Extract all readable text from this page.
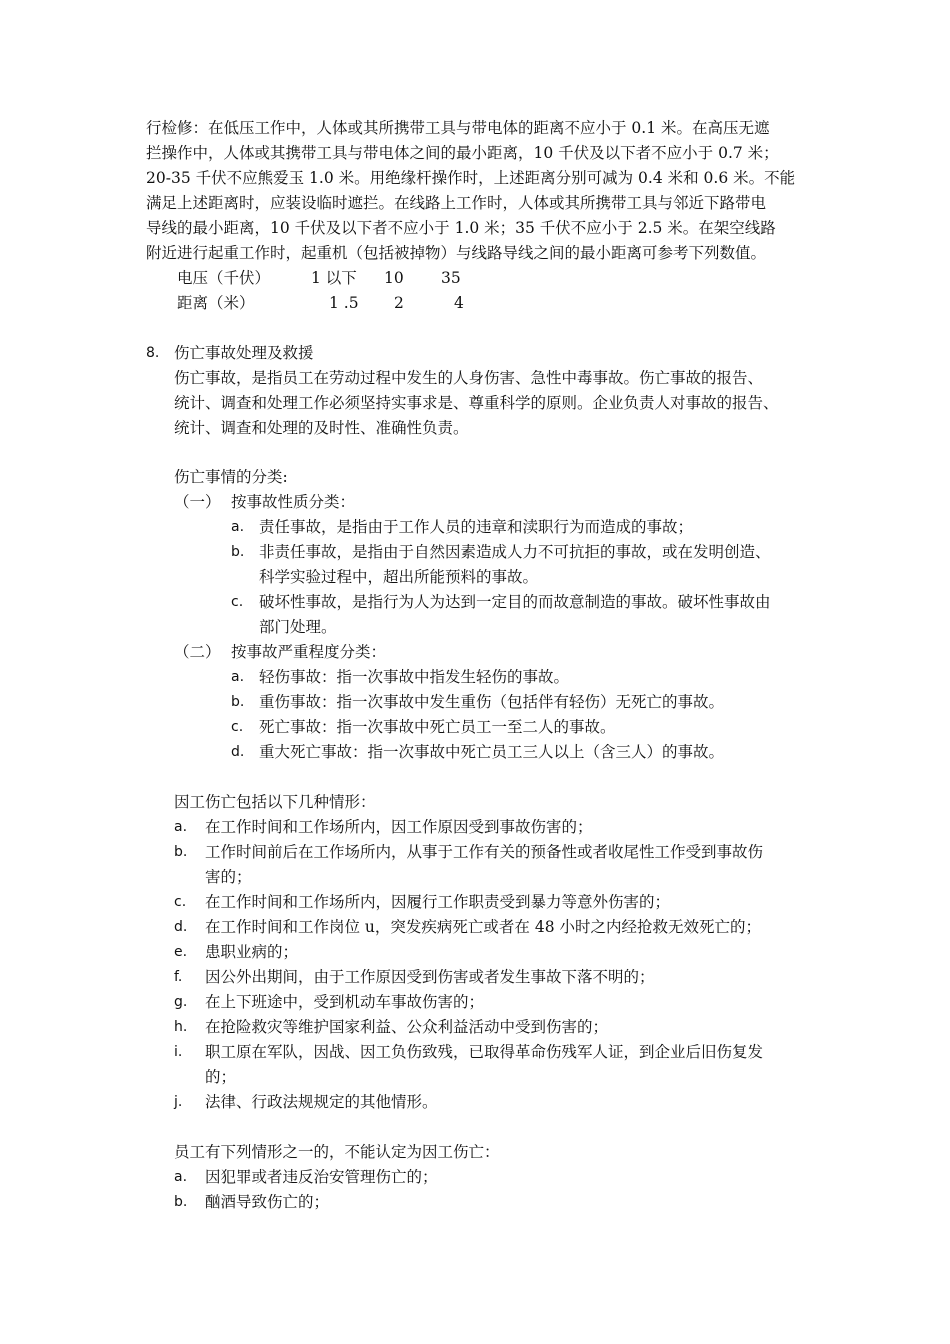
行检修：在低压工作中，人体或其所携带工具与带电体的距离不应小于 0.1 米。在高压无遮
拦操作中，人体或其携带工具与带电体之间的最小距离，10 千伏及以下者不应小于 0.7 米；
20-35 千伏不应熊爱玉 1.0 米。用绝缘杆操作时，上述距离分别可减为 0.4 米和 0.6 米。不能
满足上述距离时，应装设临时遮拦。在线路上工作时，人体或其所携带工具与邻近下路带电
导线的最小距离，10 千伏及以下者不应小于 1.0 米；35 千伏不应小于 2.5 米。在架空线路
附近进行起重工作时，起重机（包括被掉物）与线路导线之间的最小距离可参考下列数值。
电压（千伏）	1 以下 10 35
距离（米）	1 .5 2	4
8. 伤亡事故处理及救援
伤亡事故，是指员工在劳动过程中发生的人身伤害、急性中毒事故。伤亡事故的报告、
统计、调查和处理工作必须坚持实事求是、尊重科学的原则。企业负责人对事故的报告、
统计、调查和处理的及时性、准确性负责。
伤亡事情的分类:
（一） 按事故性质分类：
a. 责任事故，是指由于工作人员的违章和渎职行为而造成的事故；
b. 非责任事故，是指由于自然因素造成人力不可抗拒的事故，或在发明创造、
科学实验过程中，超出所能预料的事故。
c. 破坏性事故，是指行为人为达到一定目的而故意制造的事故。破坏性事故由
部门处理。
（二） 按事故严重程度分类：
a. 轻伤事故：指一次事故中指发生轻伤的事故。
b. 重伤事故：指一次事故中发生重伤（包括伴有轻伤）无死亡的事故。
c. 死亡事故：指一次事故中死亡员工一至二人的事故。
d. 重大死亡事故：指一次事故中死亡员工三人以上（含三人）的事故。
因工伤亡包括以下几种情形：
a. 在工作时间和工作场所内，因工作原因受到事故伤害的；
b. 工作时间前后在工作场所内，从事于工作有关的预备性或者收尾性工作受到事故伤
害的；
c. 在工作时间和工作场所内，因履行工作职责受到暴力等意外伤害的；
d. 在工作时间和工作岗位 u，突发疾病死亡或者在 48 小时之内经抢救无效死亡的；
e. 患职业病的；
f. 因公外出期间，由于工作原因受到伤害或者发生事故下落不明的；
g. 在上下班途中，受到机动车事故伤害的；
h. 在抢险救灾等维护国家利益、公众利益活动中受到伤害的；
i. 职工原在军队，因战、因工负伤致残，已取得革命伤残军人证，到企业后旧伤复发
的；
j. 法律、行政法规规定的其他情形。
员工有下列情形之一的，不能认定为因工伤亡：
a. 因犯罪或者违反治安管理伤亡的；
b. 酗酒导致伤亡的；
